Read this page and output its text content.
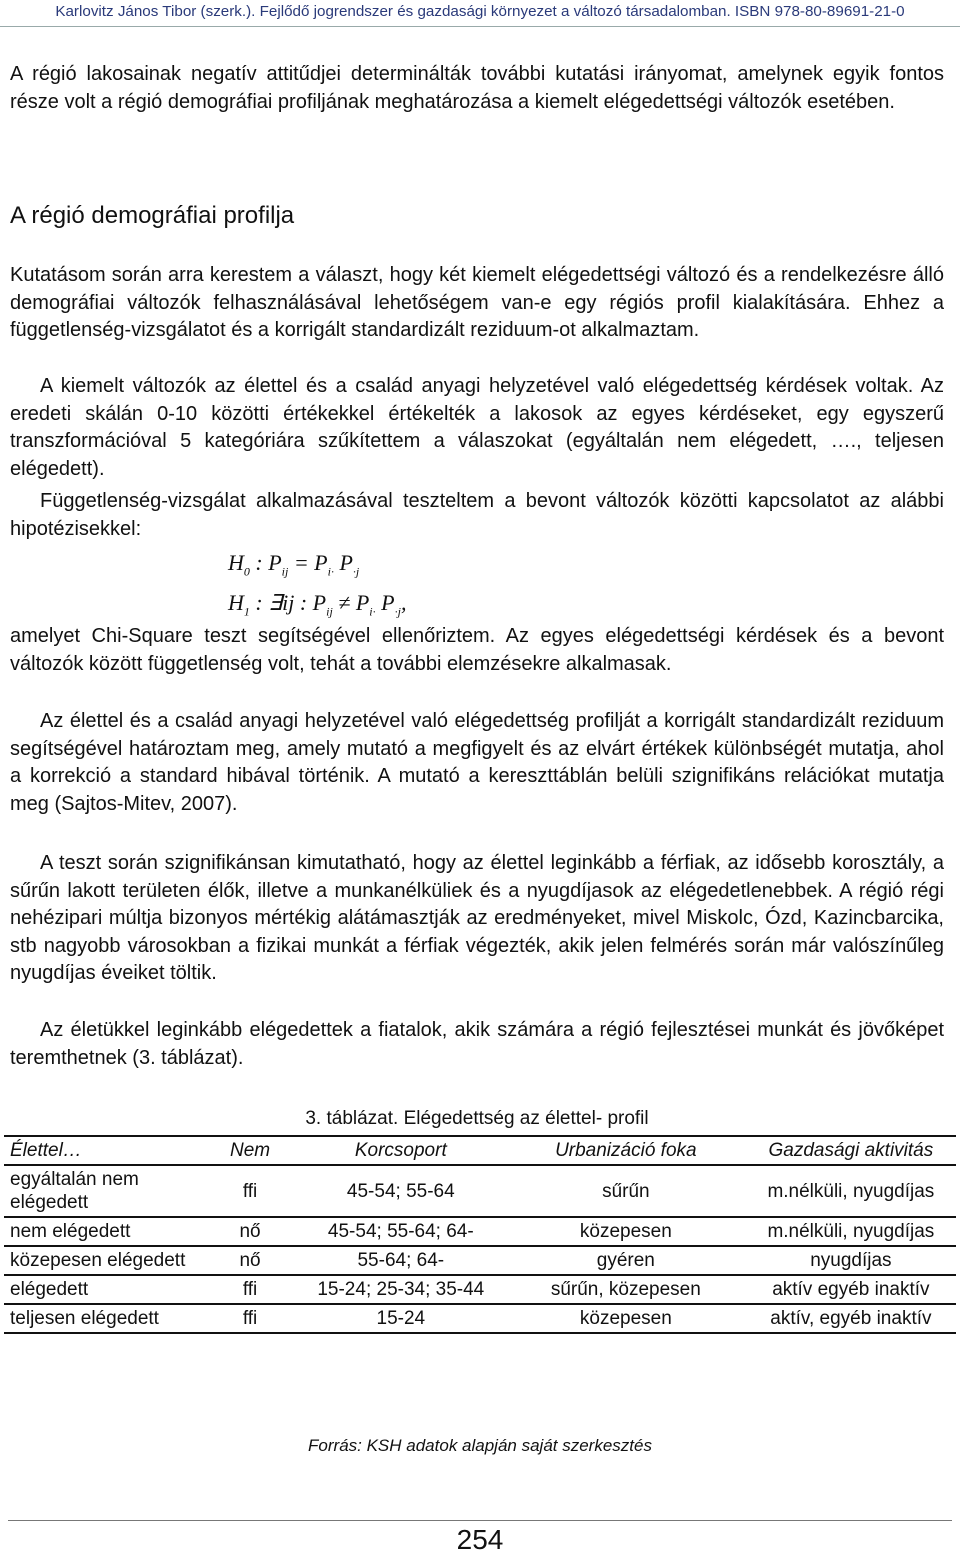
Karlovitz János Tibor (szerk.). Fejlődő jogrendszer és gazdasági környezet a változó társadalomban. ISBN 978-80-89691-21-0

A régió lakosainak negatív attitűdjei determinálták további kutatási irányomat, amelynek egyik fontos része volt a régió demográfiai profiljának meghatározása a kiemelt elégedettségi változók esetében.

A régió demográfiai profilja

Kutatásom során arra kerestem a választ, hogy két kiemelt elégedettségi változó és a rendelkezésre álló demográfiai változók felhasználásával lehetőségem van-e egy régiós profil kialakítására. Ehhez a függetlenség-vizsgálatot és a korrigált standardizált reziduum-ot alkalmaztam.

A kiemelt változók az élettel és a család anyagi helyzetével való elégedettség kérdések voltak. Az eredeti skálán 0-10 közötti értékekkel értékelték a lakosok az egyes kérdéseket, egy egyszerű transzformációval 5 kategóriára szűkítettem a válaszokat (egyáltalán nem elégedett, …., teljesen elégedett).

Függetlenség-vizsgálat alkalmazásával teszteltem a bevont változók közötti kapcsolatot az alábbi hipotézisekkel:

$H_0$ : $P_{ij} = P_{i\cdot}$ $P_{\cdot j}$
$H_1$ : ∃ij : $P_{ij} \ne P_{i\cdot}$ $P_{\cdot j}$,

amelyet Chi-Square teszt segítségével ellenőriztem. Az egyes elégedettségi kérdések és a bevont változók között függetlenség volt, tehát a további elemzésekre alkalmasak.

Az élettel és a család anyagi helyzetével való elégedettség profilját a korrigált standardizált reziduum segítségével határoztam meg, amely mutató a megfigyelt és az elvárt értékek különbségét mutatja, ahol a korrekció a standard hibával történik. A mutató a kereszttáblán belüli szignifikáns relációkat mutatja meg (Sajtos-Mitev, 2007).

A teszt során szignifikánsan kimutatható, hogy az élettel leginkább a férfiak, az idősebb korosztály, a sűrűn lakott területen élők, illetve a munkanélküliek és a nyugdíjasok az elégedetlenebbek. A régió régi nehézipari múltja bizonyos mértékig alátámasztják az eredményeket, mivel Miskolc, Ózd, Kazincbarcika, stb nagyobb városokban a fizikai munkát a férfiak végezték, akik jelen felmérés során már valószínűleg nyugdíjas éveiket töltik.

Az életükkel leginkább elégedettek a fiatalok, akik számára a régió fejlesztései munkát és jövőképet teremthetnek (3. táblázat).

3. táblázat. Elégedettség az élettel- profil
Élettel…	Nem	Korcsoport	Urbanizáció foka	Gazdasági aktivitás
egyáltalán nem elégedett	ffi	45-54; 55-64	sűrűn	m.nélküli, nyugdíjas
nem elégedett	nő	45-54; 55-64; 64-	közepesen	m.nélküli, nyugdíjas
közepesen elégedett	nő	55-64; 64-	gyéren	nyugdíjas
elégedett	ffi	15-24; 25-34; 35-44	sűrűn, közepesen	aktív egyéb inaktív
teljesen elégedett	ffi	15-24	közepesen	aktív, egyéb inaktív
Forrás: KSH adatok alapján saját szerkesztés
254
